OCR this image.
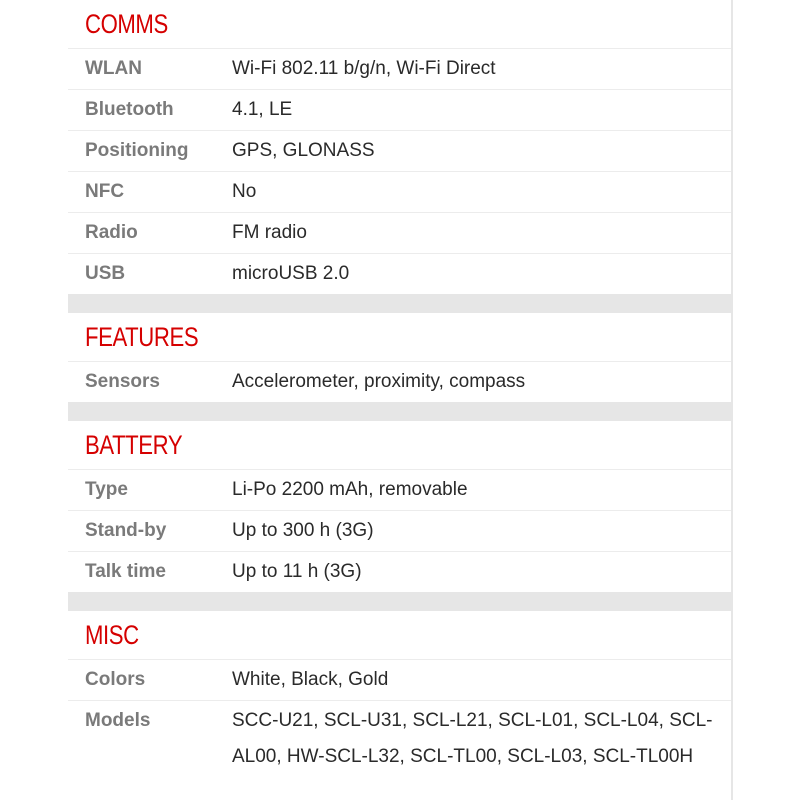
COMMS
WLAN	Wi-Fi 802.11 b/g/n, Wi-Fi Direct
Bluetooth	4.1, LE
Positioning	GPS, GLONASS
NFC	No
Radio	FM radio
USB	microUSB 2.0
FEATURES
Sensors	Accelerometer, proximity, compass
BATTERY
Type	Li-Po 2200 mAh, removable
Stand-by	Up to 300 h (3G)
Talk time	Up to 11 h (3G)
MISC
Colors	White, Black, Gold
Models	SCC-U21, SCL-U31, SCL-L21, SCL-L01, SCL-L04, SCL-AL00, HW-SCL-L32, SCL-TL00, SCL-L03, SCL-TL00H
